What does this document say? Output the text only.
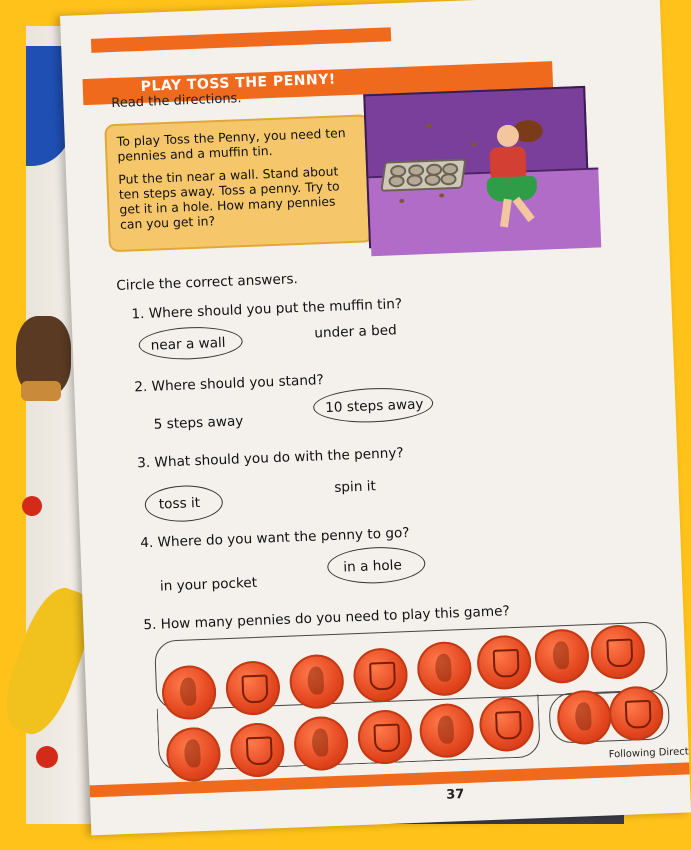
PLAY TOSS THE PENNY!
Read the directions.

To play Toss the Penny, you need ten pennies and a muffin tin.

Put the tin near a wall. Stand about ten steps away. Toss a penny. Try to get it in a hole. How many pennies can you get in?

Circle the correct answers.
1. Where should you put the muffin tin?
near a wall
under a bed
2. Where should you stand?
5 steps away
10 steps away
3. What should you do with the penny?
toss it
spin it
4. Where do you want the penny to go?
in your pocket
in a hole
5. How many pennies do you need to play this game?
Following Direct
37
